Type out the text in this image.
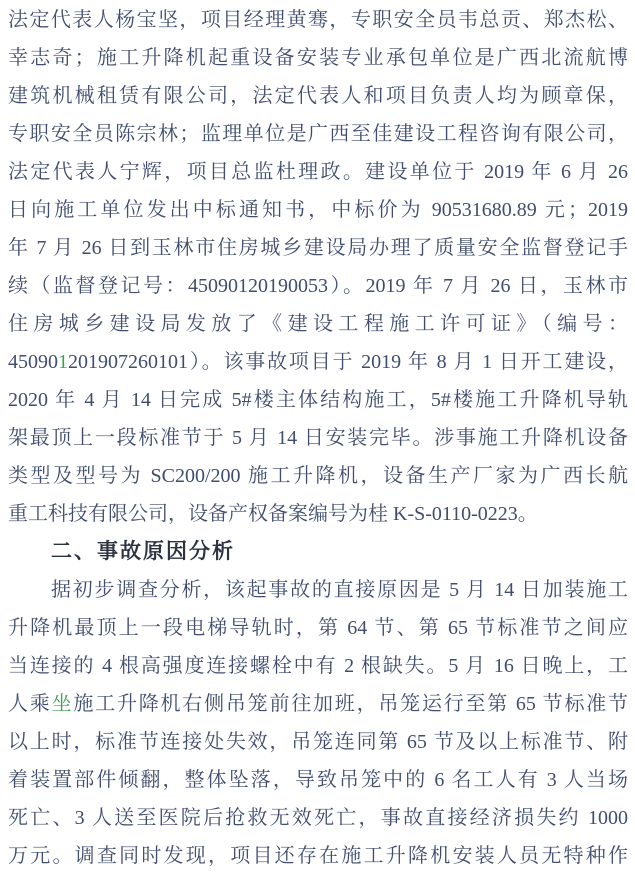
法定代表人杨宝坚，项目经理黄骞，专职安全员韦总贡、郑杰松、
幸志奇；施工升降机起重设备安装专业承包单位是广西北流航博
建筑机械租赁有限公司，法定代表人和项目负责人均为顾章保，
专职安全员陈宗林；监理单位是广西至佳建设工程咨询有限公司，
法定代表人宁辉，项目总监杜理政。建设单位于 2019 年 6 月 26
日向施工单位发出中标通知书，中标价为 90531680.89 元；2019
年 7 月 26 日到玉林市住房城乡建设局办理了质量安全监督登记手
续（监督登记号：45090120190053）。2019 年 7 月 26 日，玉林市
住房城乡建设局发放了《建设工程施工许可证》（编号：
450901201907260101）。该事故项目于 2019 年 8 月 1 日开工建设，
2020 年 4 月 14 日完成 5#楼主体结构施工，5#楼施工升降机导轨
架最顶上一段标准节于 5 月 14 日安装完毕。涉事施工升降机设备
类型及型号为 SC200/200 施工升降机，设备生产厂家为广西长航
重工科技有限公司，设备产权备案编号为桂 K-S-0110-0223。
二、事故原因分析
据初步调查分析，该起事故的直接原因是 5 月 14 日加装施工
升降机最顶上一段电梯导轨时，第 64 节、第 65 节标准节之间应
当连接的 4 根高强度连接螺栓中有 2 根缺失。5 月 16 日晚上，工
人乘坐施工升降机右侧吊笼前往加班，吊笼运行至第 65 节标准节
以上时，标准节连接处失效，吊笼连同第 65 节及以上标准节、附
着装置部件倾翻，整体坠落，导致吊笼中的 6 名工人有 3 人当场
死亡、3 人送至医院后抢救无效死亡，事故直接经济损失约 1000
万元。调查同时发现，项目还存在施工升降机安装人员无特种作
